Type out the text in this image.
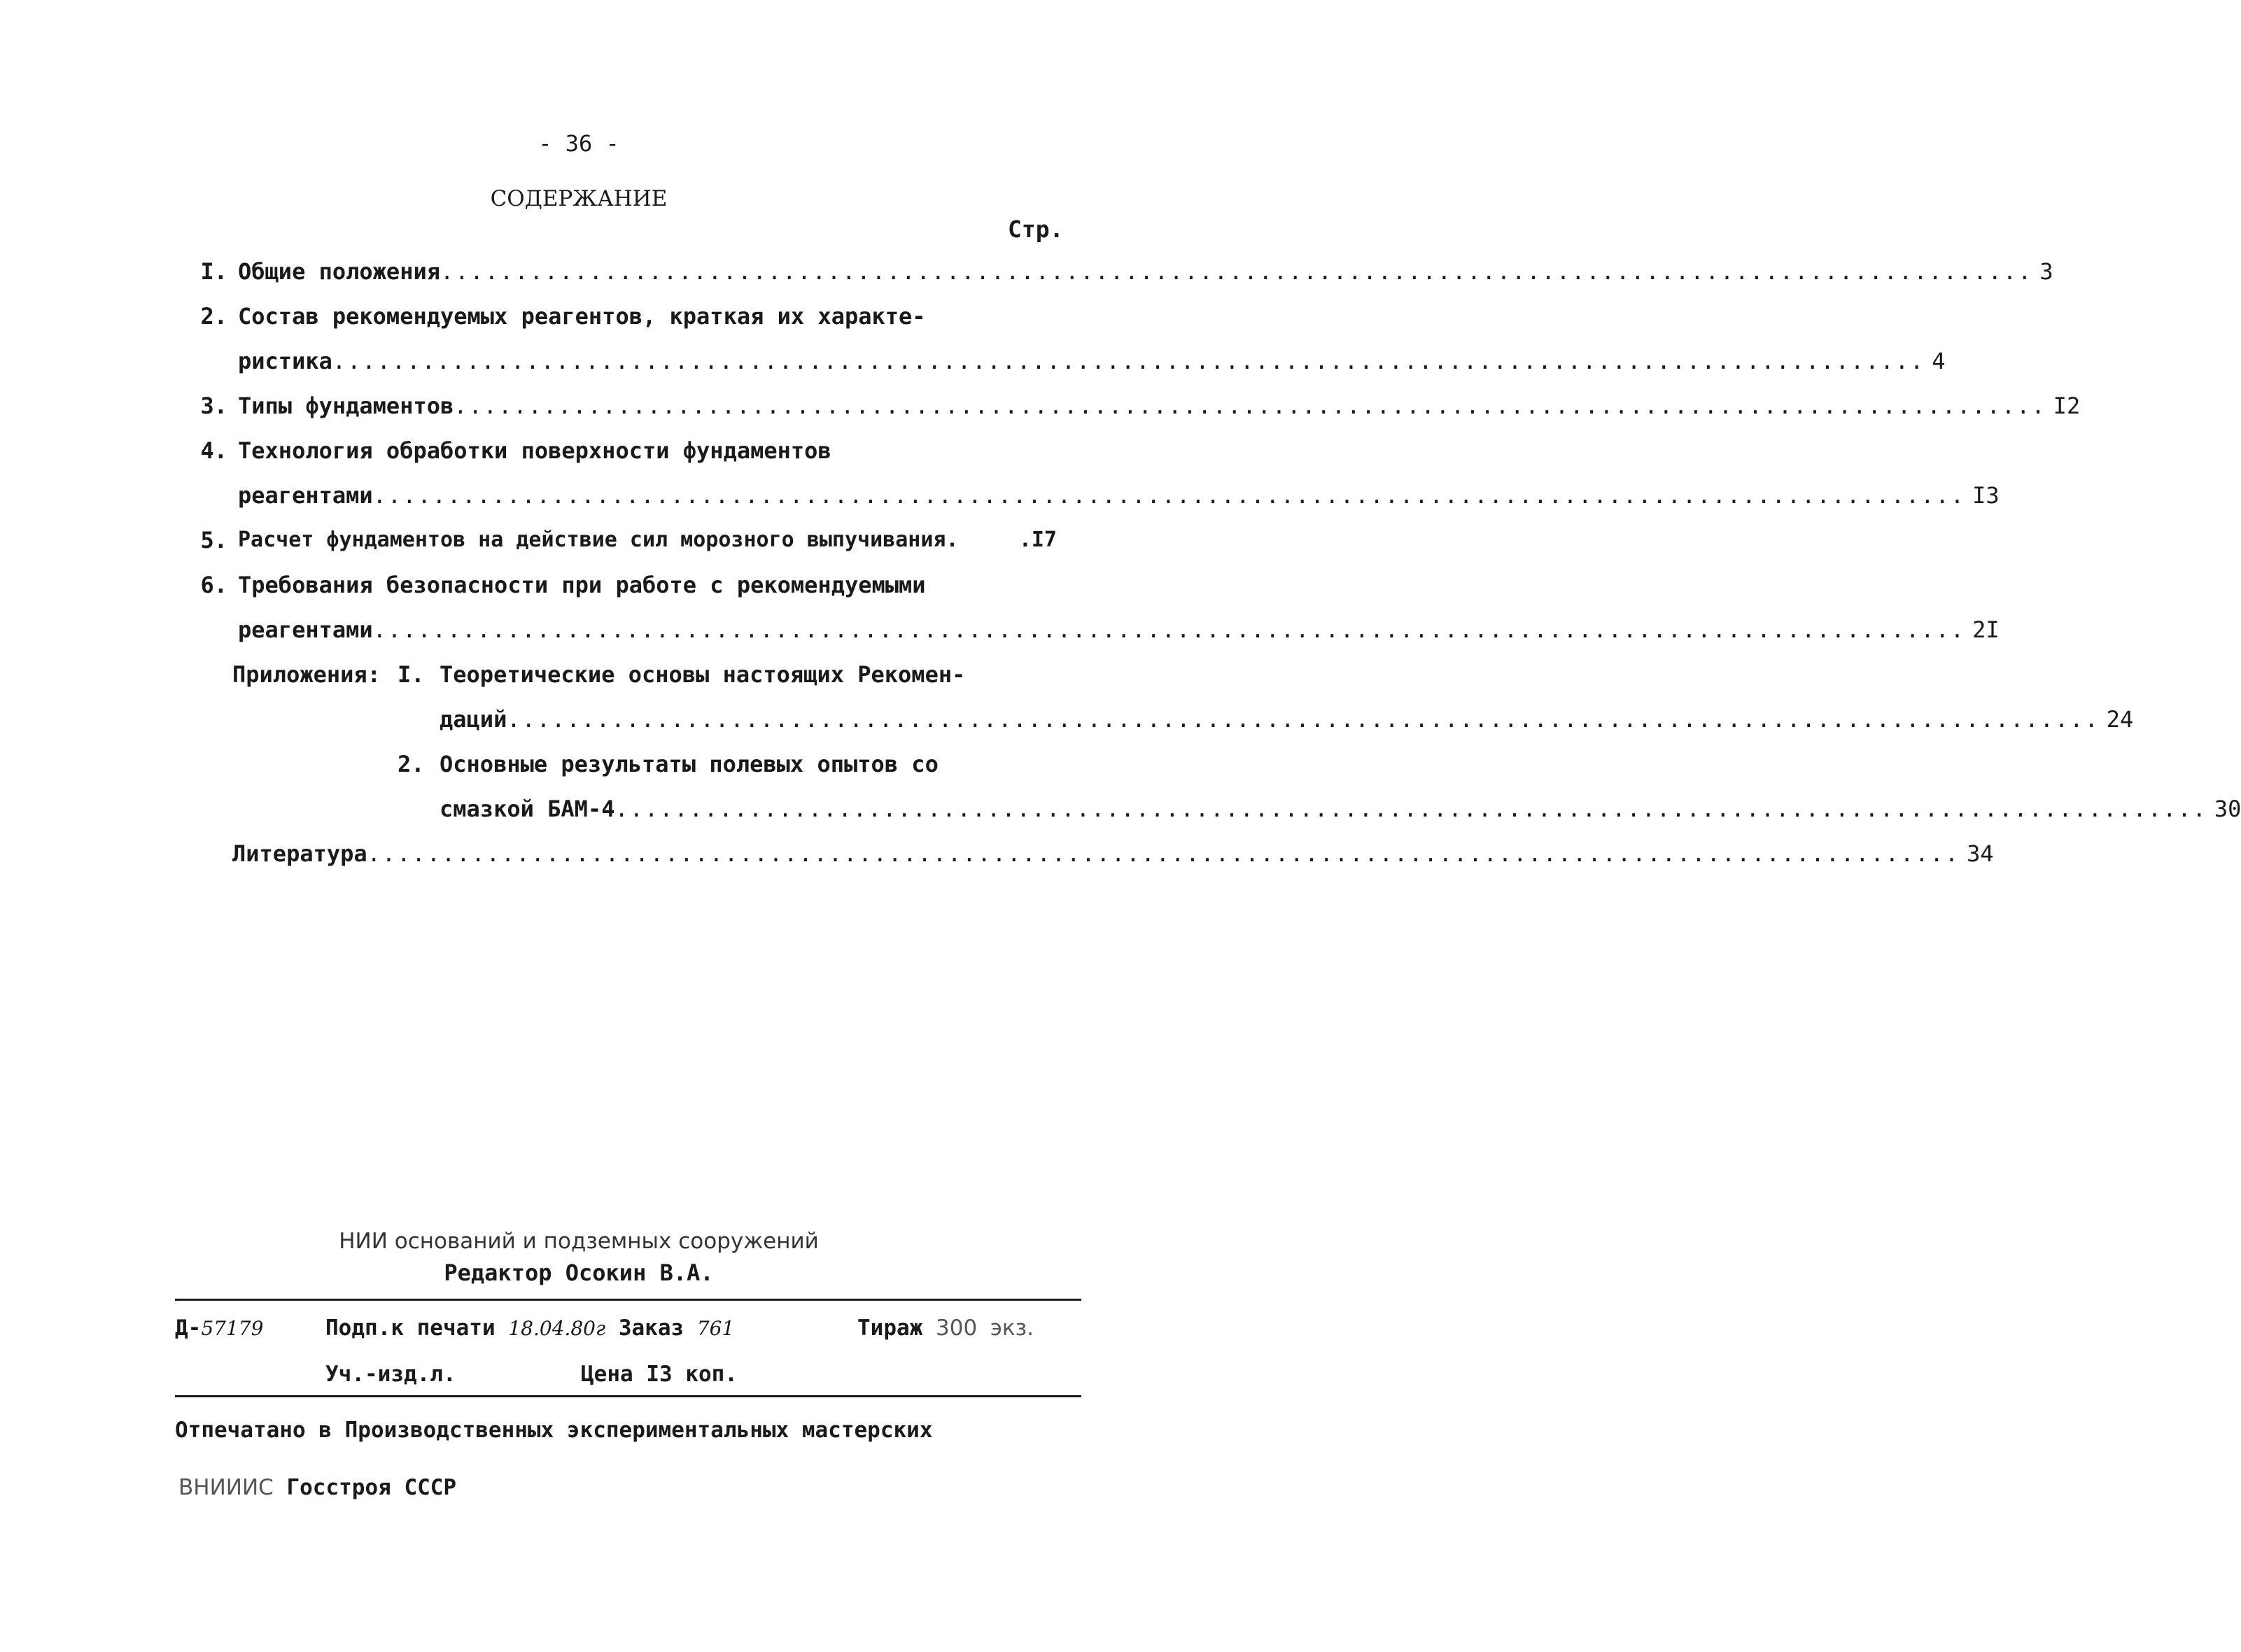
- 36 -
СОДЕРЖАНИЕ
Стр.
I. Общие положения ........................................................................................................... 3
2. Состав рекомендуемых реагентов, краткая их характе-
ристика ........................................................................................................... 4
3. Типы фундаментов ........................................................................................................... I2
4. Технология обработки поверхности фундаментов
реагентами ........................................................................................................... I3
5. Расчет фундаментов на действие сил морозного выпучивания.	.I7
6. Требования безопасности при работе с рекомендуемыми
реагентами ........................................................................................................... 2I
Приложения: I. Теоретические основы настоящих Рекомен-
даций ........................................................................................................... 24
2. Основные результаты полевых опытов со
смазкой БАМ-4 ........................................................................................................... 30
Литература ........................................................................................................... 34
НИИ оснований и подземных сооружений
Редактор Осокин В.А.
Д-57179	Подп.к печати 18.04.80г Заказ 761	Тираж 300 экз.
Уч.-изд.л.	Цена I3 коп.
Отпечатано в Производственных экспериментальных мастерских
ВНИИИС Госстроя СССР
